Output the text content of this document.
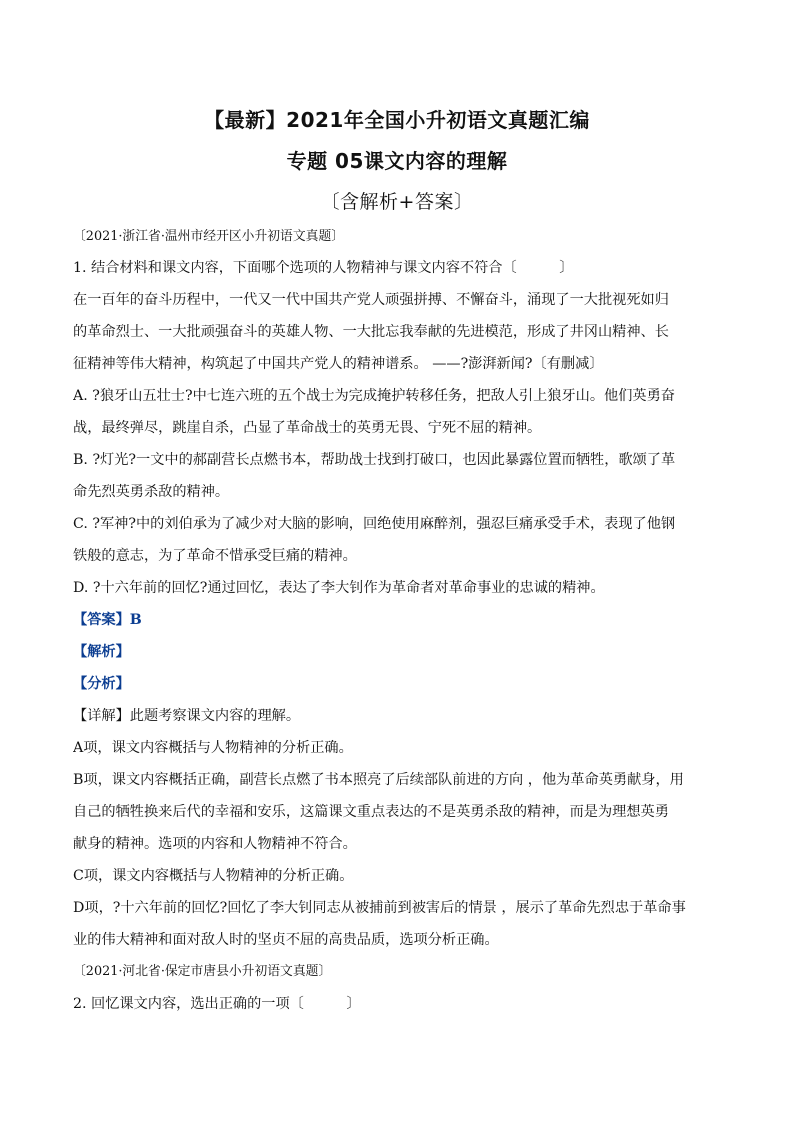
【最新】2021年全国小升初语文真题汇编
专题 05课文内容的理解
〔含解析+答案〕
〔2021·浙江省·温州市经开区小升初语文真题〕
1. 结合材料和课文内容，下面哪个选项的人物精神与课文内容不符合〔　　　〕
在一百年的奋斗历程中，一代又一代中国共产党人顽强拼搏、不懈奋斗，涌现了一大批视死如归
的革命烈士、一大批顽强奋斗的英雄人物、一大批忘我奉献的先进模范，形成了井冈山精神、长
征精神等伟大精神，构筑起了中国共产党人的精神谱系。 ——?澎湃新闻?〔有删减〕
A. ?狼牙山五壮士?中七连六班的五个战士为完成掩护转移任务，把敌人引上狼牙山。他们英勇奋
战，最终弹尽，跳崖自杀，凸显了革命战士的英勇无畏、宁死不屈的精神。
B. ?灯光?一文中的郝副营长点燃书本，帮助战士找到打破口，也因此暴露位置而牺牲，歌颂了革
命先烈英勇杀敌的精神。
C. ?军神?中的刘伯承为了减少对大脑的影响，回绝使用麻醉剂，强忍巨痛承受手术，表现了他钢
铁般的意志，为了革命不惜承受巨痛的精神。
D. ?十六年前的回忆?通过回忆，表达了李大钊作为革命者对革命事业的忠诚的精神。
【答案】B
【解析】
【分析】
【详解】此题考察课文内容的理解。
A项，课文内容概括与人物精神的分析正确。
B项，课文内容概括正确，副营长点燃了书本照亮了后续部队前进的方向 ，他为革命英勇献身，用
自己的牺牲换来后代的幸福和安乐，这篇课文重点表达的不是英勇杀敌的精神，而是为理想英勇
献身的精神。选项的内容和人物精神不符合。
C项，课文内容概括与人物精神的分析正确。
D项，?十六年前的回忆?回忆了李大钊同志从被捕前到被害后的情景 ，展示了革命先烈忠于革命事
业的伟大精神和面对敌人时的坚贞不屈的高贵品质，选项分析正确。
〔2021·河北省·保定市唐县小升初语文真题〕
2. 回忆课文内容，选出正确的一项〔　　　〕
